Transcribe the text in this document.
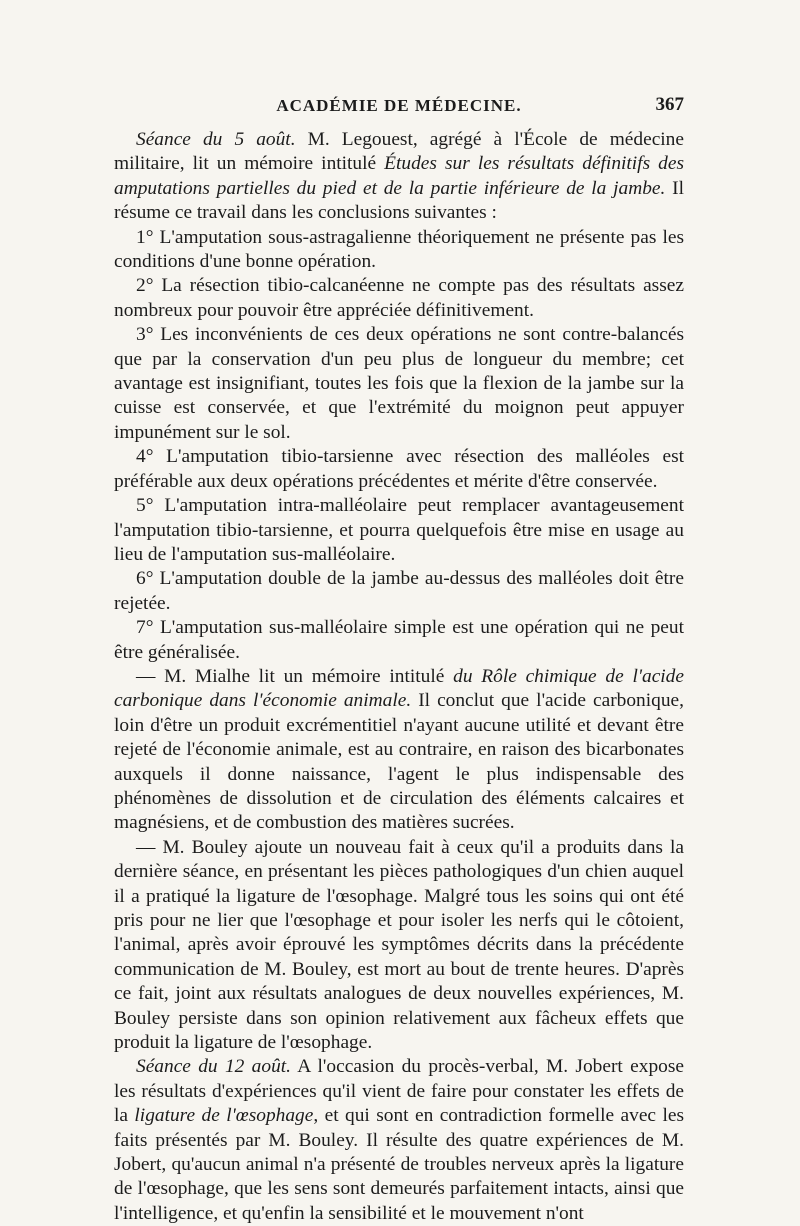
ACADÉMIE DE MÉDECINE.	367

Séance du 5 août. M. Legouest, agrégé à l'École de médecine militaire, lit un mémoire intitulé Études sur les résultats définitifs des amputations partielles du pied et de la partie inférieure de la jambe. Il résume ce travail dans les conclusions suivantes :

1° L'amputation sous-astragalienne théoriquement ne présente pas les conditions d'une bonne opération.

2° La résection tibio-calcanéenne ne compte pas des résultats assez nombreux pour pouvoir être appréciée définitivement.

3° Les inconvénients de ces deux opérations ne sont contre-balancés que par la conservation d'un peu plus de longueur du membre; cet avantage est insignifiant, toutes les fois que la flexion de la jambe sur la cuisse est conservée, et que l'extrémité du moignon peut appuyer impunément sur le sol.

4° L'amputation tibio-tarsienne avec résection des malléoles est préférable aux deux opérations précédentes et mérite d'être conservée.

5° L'amputation intra-malléolaire peut remplacer avantageusement l'amputation tibio-tarsienne, et pourra quelquefois être mise en usage au lieu de l'amputation sus-malléolaire.

6° L'amputation double de la jambe au-dessus des malléoles doit être rejetée.

7° L'amputation sus-malléolaire simple est une opération qui ne peut être généralisée.

— M. Mialhe lit un mémoire intitulé du Rôle chimique de l'acide carbonique dans l'économie animale. Il conclut que l'acide carbonique, loin d'être un produit excrémentitiel n'ayant aucune utilité et devant être rejeté de l'économie animale, est au contraire, en raison des bicarbonates auxquels il donne naissance, l'agent le plus indispensable des phénomènes de dissolution et de circulation des éléments calcaires et magnésiens, et de combustion des matières sucrées.

— M. Bouley ajoute un nouveau fait à ceux qu'il a produits dans la dernière séance, en présentant les pièces pathologiques d'un chien auquel il a pratiqué la ligature de l'œsophage. Malgré tous les soins qui ont été pris pour ne lier que l'œsophage et pour isoler les nerfs qui le côtoient, l'animal, après avoir éprouvé les symptômes décrits dans la précédente communication de M. Bouley, est mort au bout de trente heures. D'après ce fait, joint aux résultats analogues de deux nouvelles expériences, M. Bouley persiste dans son opinion relativement aux fâcheux effets que produit la ligature de l'œsophage.

Séance du 12 août. A l'occasion du procès-verbal, M. Jobert expose les résultats d'expériences qu'il vient de faire pour constater les effets de la ligature de l'œsophage, et qui sont en contradiction formelle avec les faits présentés par M. Bouley. Il résulte des quatre expériences de M. Jobert, qu'aucun animal n'a présenté de troubles nerveux après la ligature de l'œsophage, que les sens sont demeurés parfaitement intacts, ainsi que l'intelligence, et qu'enfin la sensibilité et le mouvement n'ont
